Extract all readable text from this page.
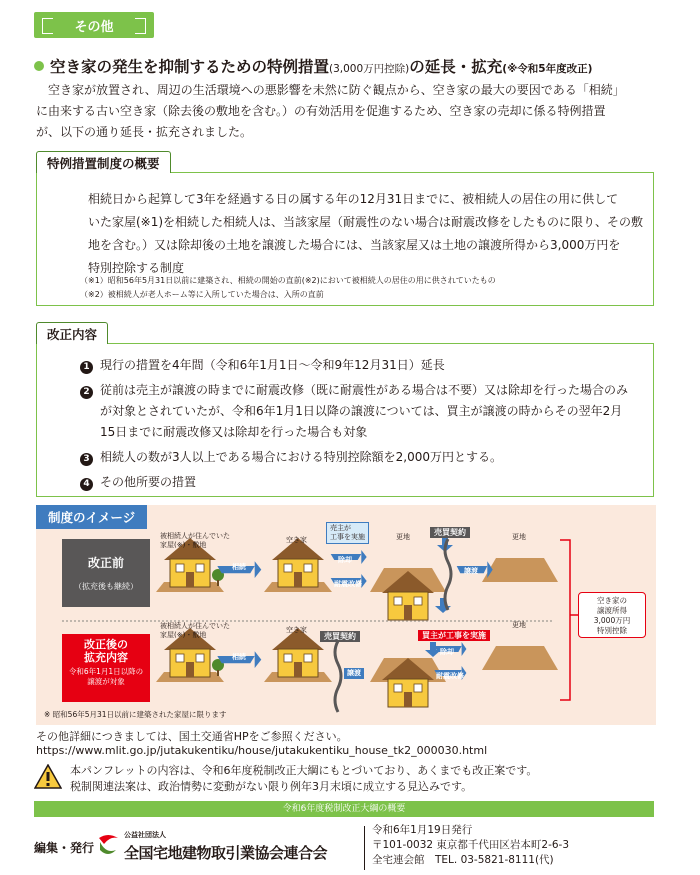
その他
空き家の発生を抑制するための特例措置(3,000万円控除)の延長・拡充(※令和5年度改正)
　空き家が放置され、周辺の生活環境への悪影響を未然に防ぐ観点から、空き家の最大の要因である「相続」
に由来する古い空き家（除去後の敷地を含む。）の有効活用を促進するため、空き家の売却に係る特例措置
が、以下の通り延長・拡充されました。
特例措置制度の概要
相続日から起算して3年を経過する日の属する年の12月31日までに、被相続人の居住の用に供して
いた家屋(※1)を相続した相続人は、当該家屋（耐震性のない場合は耐震改修をしたものに限り、その敷
地を含む。）又は除却後の土地を譲渡した場合には、当該家屋又は土地の譲渡所得から3,000万円を
特別控除する制度
（※1）昭和56年5月31日以前に建築され、相続の開始の直前(※2)において被相続人の居住の用に供されていたもの
（※2）被相続人が老人ホーム等に入所していた場合は、入所の直前
改正内容
1 現行の措置を4年間（令和6年1月1日～令和9年12月31日）延長
2 従前は売主が譲渡の時までに耐震改修（既に耐震性がある場合は不要）又は除却を行った場合のみ
が対象とされていたが、令和6年1月1日以降の譲渡については、買主が譲渡の時からその翌年2月
15日までに耐震改修又は除却を行った場合も対象
3 相続人の数が3人以上である場合における特別控除額を2,000万円とする。
4 その他所要の措置
制度のイメージ
改正前
（拡充後も継続）
改正後の
拡充内容
令和6年1月1日以降の
譲渡が対象
被相続人が住んでいた
家屋(※)・敷地
空き家
売主が
工事を実施
相続
除却
耐震改修
更地	更地
売買契約
譲渡
被相続人が住んでいた
家屋(※)・敷地
空き家
相続
売買契約
譲渡
買主が工事を実施
除却
耐震改修
更地
空き家の
譲渡所得
3,000万円
特別控除
※ 昭和56年5月31日以前に建築された家屋に限ります
その他詳細につきましては、国土交通省HPをご参照ください。
https://www.mlit.go.jp/jutakukentiku/house/jutakukentiku_house_tk2_000030.html
本パンフレットの内容は、令和6年度税制改正大綱にもとづいており、あくまでも改正案です。
税制関連法案は、政治情勢に変動がない限り例年3月末頃に成立する見込みです。
令和6年度税制改正大綱の概要
編集・発行
公益社団法人
全国宅地建物取引業協会連合会
令和6年1月19日発行
〒101-0032 東京都千代田区岩本町2-6-3
全宅連会館　TEL. 03-5821-8111(代)
